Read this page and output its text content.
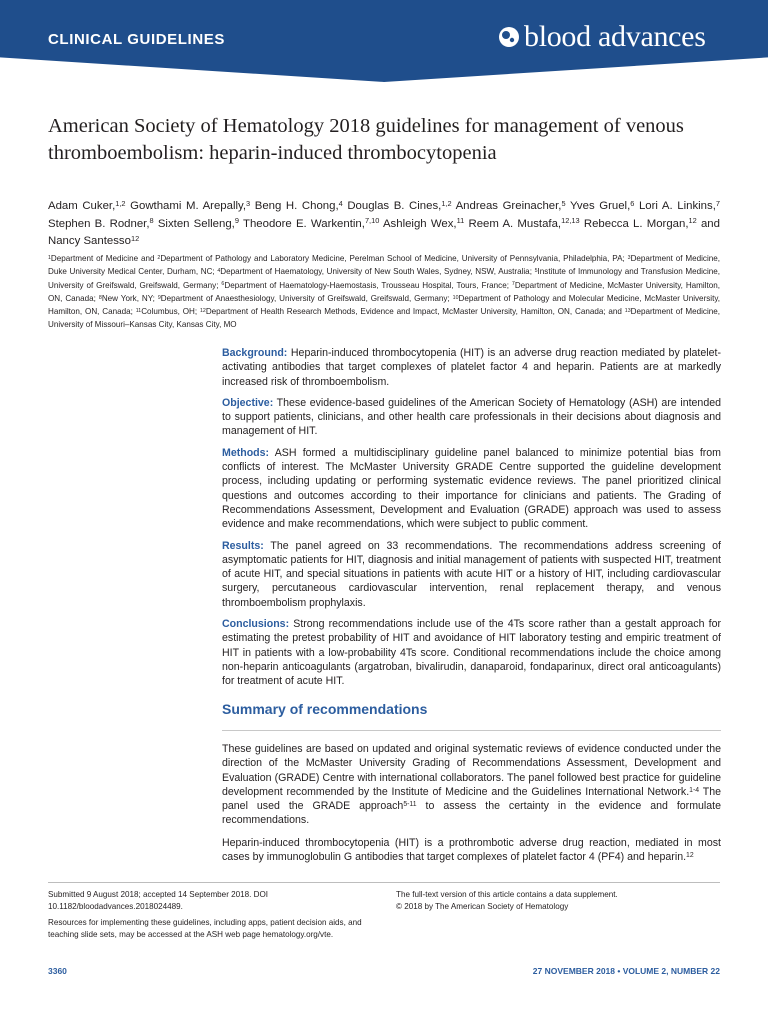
CLINICAL GUIDELINES	blood advances
American Society of Hematology 2018 guidelines for management of venous thromboembolism: heparin-induced thrombocytopenia
Adam Cuker,$^{1,2}$ Gowthami M. Arepally,$^3$ Beng H. Chong,$^4$ Douglas B. Cines,$^{1,2}$ Andreas Greinacher,$^5$ Yves Gruel,$^6$ Lori A. Linkins,$^7$ Stephen B. Rodner,$^8$ Sixten Selleng,$^9$ Theodore E. Warkentin,$^{7,10}$ Ashleigh Wex,$^{11}$ Reem A. Mustafa,$^{12,13}$ Rebecca L. Morgan,$^{12}$ and Nancy Santesso$^{12}$
$^1$Department of Medicine and $^2$Department of Pathology and Laboratory Medicine, Perelman School of Medicine, University of Pennsylvania, Philadelphia, PA; $^3$Department of Medicine, Duke University Medical Center, Durham, NC; $^4$Department of Haematology, University of New South Wales, Sydney, NSW, Australia; $^5$Institute of Immunology and Transfusion Medicine, University of Greifswald, Greifswald, Germany; $^6$Department of Haematology-Haemostasis, Trousseau Hospital, Tours, France; $^7$Department of Medicine, McMaster University, Hamilton, ON, Canada; $^8$New York, NY; $^9$Department of Anaesthesiology, University of Greifswald, Greifswald, Germany; $^{10}$Department of Pathology and Molecular Medicine, McMaster University, Hamilton, ON, Canada; $^{11}$Columbus, OH; $^{12}$Department of Health Research Methods, Evidence and Impact, McMaster University, Hamilton, ON, Canada; and $^{13}$Department of Medicine, University of Missouri–Kansas City, Kansas City, MO

Background: Heparin-induced thrombocytopenia (HIT) is an adverse drug reaction mediated by platelet-activating antibodies that target complexes of platelet factor 4 and heparin. Patients are at markedly increased risk of thromboembolism.

Objective: These evidence-based guidelines of the American Society of Hematology (ASH) are intended to support patients, clinicians, and other health care professionals in their decisions about diagnosis and management of HIT.

Methods: ASH formed a multidisciplinary guideline panel balanced to minimize potential bias from conflicts of interest. The McMaster University GRADE Centre supported the guideline development process, including updating or performing systematic evidence reviews. The panel prioritized clinical questions and outcomes according to their importance for clinicians and patients. The Grading of Recommendations Assessment, Development and Evaluation (GRADE) approach was used to assess evidence and make recommendations, which were subject to public comment.

Results: The panel agreed on 33 recommendations. The recommendations address screening of asymptomatic patients for HIT, diagnosis and initial management of patients with suspected HIT, treatment of acute HIT, and special situations in patients with acute HIT or a history of HIT, including cardiovascular surgery, percutaneous cardiovascular intervention, renal replacement therapy, and venous thromboembolism prophylaxis.

Conclusions: Strong recommendations include use of the 4Ts score rather than a gestalt approach for estimating the pretest probability of HIT and avoidance of HIT laboratory testing and empiric treatment of HIT in patients with a low-probability 4Ts score. Conditional recommendations include the choice among non-heparin anticoagulants (argatroban, bivalirudin, danaparoid, fondaparinux, direct oral anticoagulants) for treatment of acute HIT.

Summary of recommendations

These guidelines are based on updated and original systematic reviews of evidence conducted under the direction of the McMaster University Grading of Recommendations Assessment, Development and Evaluation (GRADE) Centre with international collaborators. The panel followed best practice for guideline development recommended by the Institute of Medicine and the Guidelines International Network.$^{1-4}$ The panel used the GRADE approach$^{5-11}$ to assess the certainty in the evidence and formulate recommendations.

Heparin-induced thrombocytopenia (HIT) is a prothrombotic adverse drug reaction, mediated in most cases by immunoglobulin G antibodies that target complexes of platelet factor 4 (PF4) and heparin.$^{12}$

Submitted 9 August 2018; accepted 14 September 2018. DOI 10.1182/bloodadvances.2018024489.

Resources for implementing these guidelines, including apps, patient decision aids, and teaching slide sets, may be accessed at the ASH web page hematology.org/vte.

The full-text version of this article contains a data supplement.
© 2018 by The American Society of Hematology
3360	27 NOVEMBER 2018 • VOLUME 2, NUMBER 22
